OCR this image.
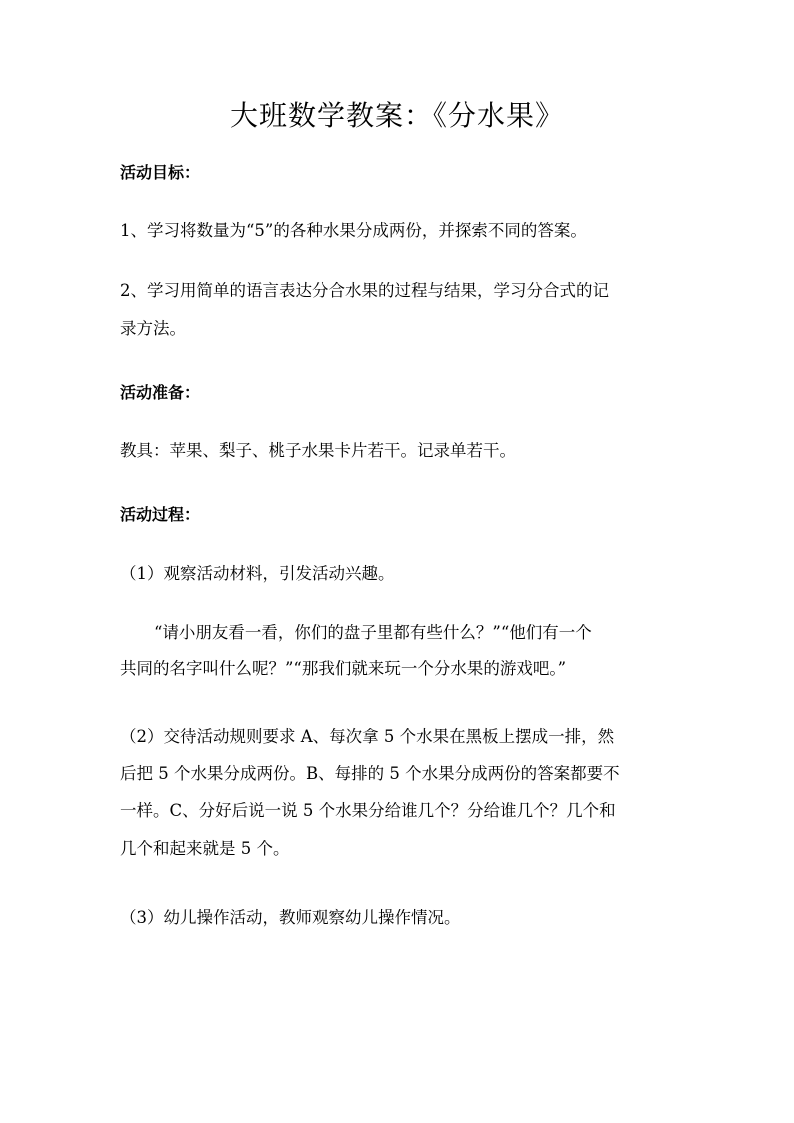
大班数学教案：《分水果》
活动目标：
1、学习将数量为“5”的各种水果分成两份，并探索不同的答案。
2、学习用简单的语言表达分合水果的过程与结果，学习分合式的记
录方法。
活动准备：
教具：苹果、梨子、桃子水果卡片若干。记录单若干。
活动过程：
（1）观察活动材料，引发活动兴趣。
“请小朋友看一看，你们的盘子里都有些什么？”“他们有一个
共同的名字叫什么呢？”“那我们就来玩一个分水果的游戏吧。”
（2）交待活动规则要求 A、每次拿 5 个水果在黑板上摆成一排，然
后把 5 个水果分成两份。B、每排的 5 个水果分成两份的答案都要不
一样。C、分好后说一说 5 个水果分给谁几个？分给谁几个？几个和
几个和起来就是 5 个。
（3）幼儿操作活动，教师观察幼儿操作情况。
